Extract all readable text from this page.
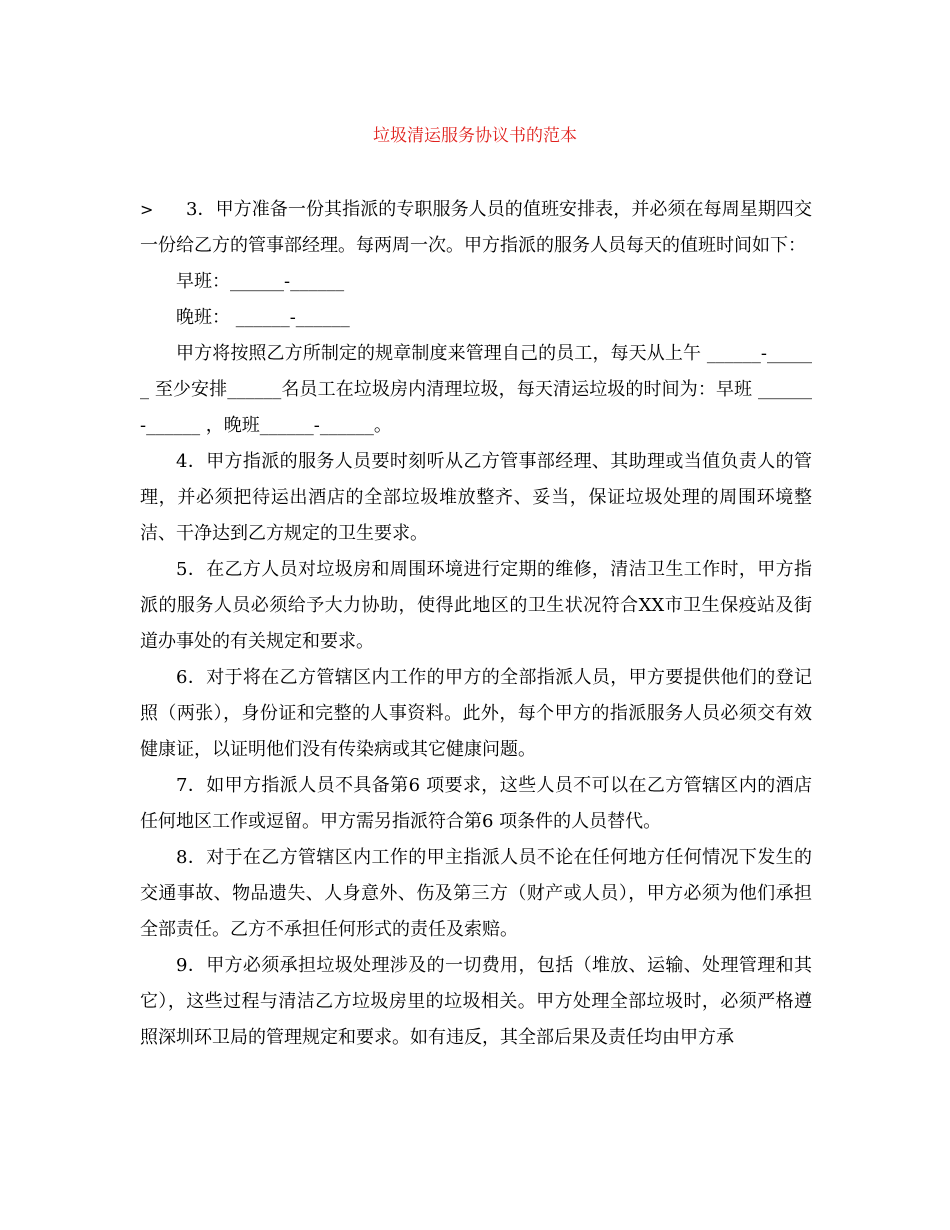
垃圾清运服务协议书的范本

> 3．甲方准备一份其指派的专职服务人员的值班安排表，并必须在每周星期四交一份给乙方的管事部经理。每两周一次。甲方指派的服务人员每天的值班时间如下：

早班：______-______

晚班： ______-______

甲方将按照乙方所制定的规章制度来管理自己的员工，每天从上午 ______-______ 至少安排______名员工在垃圾房内清理垃圾，每天清运垃圾的时间为：早班 ______-______ ，晚班______-______。

4．甲方指派的服务人员要时刻听从乙方管事部经理、其助理或当值负责人的管理，并必须把待运出酒店的全部垃圾堆放整齐、妥当，保证垃圾处理的周围环境整洁、干净达到乙方规定的卫生要求。

5．在乙方人员对垃圾房和周围环境进行定期的维修，清洁卫生工作时，甲方指派的服务人员必须给予大力协助，使得此地区的卫生状况符合XX市卫生保疫站及街道办事处的有关规定和要求。

6．对于将在乙方管辖区内工作的甲方的全部指派人员，甲方要提供他们的登记照（两张），身份证和完整的人事资料。此外，每个甲方的指派服务人员必须交有效健康证，以证明他们没有传染病或其它健康问题。

7．如甲方指派人员不具备第6 项要求，这些人员不可以在乙方管辖区内的酒店任何地区工作或逗留。甲方需另指派符合第6 项条件的人员替代。

8．对于在乙方管辖区内工作的甲主指派人员不论在任何地方任何情况下发生的交通事故、物品遗失、人身意外、伤及第三方（财产或人员），甲方必须为他们承担全部责任。乙方不承担任何形式的责任及索赔。

9．甲方必须承担垃圾处理涉及的一切费用，包括（堆放、运输、处理管理和其它），这些过程与清洁乙方垃圾房里的垃圾相关。甲方处理全部垃圾时，必须严格遵照深圳环卫局的管理规定和要求。如有违反，其全部后果及责任均由甲方承
